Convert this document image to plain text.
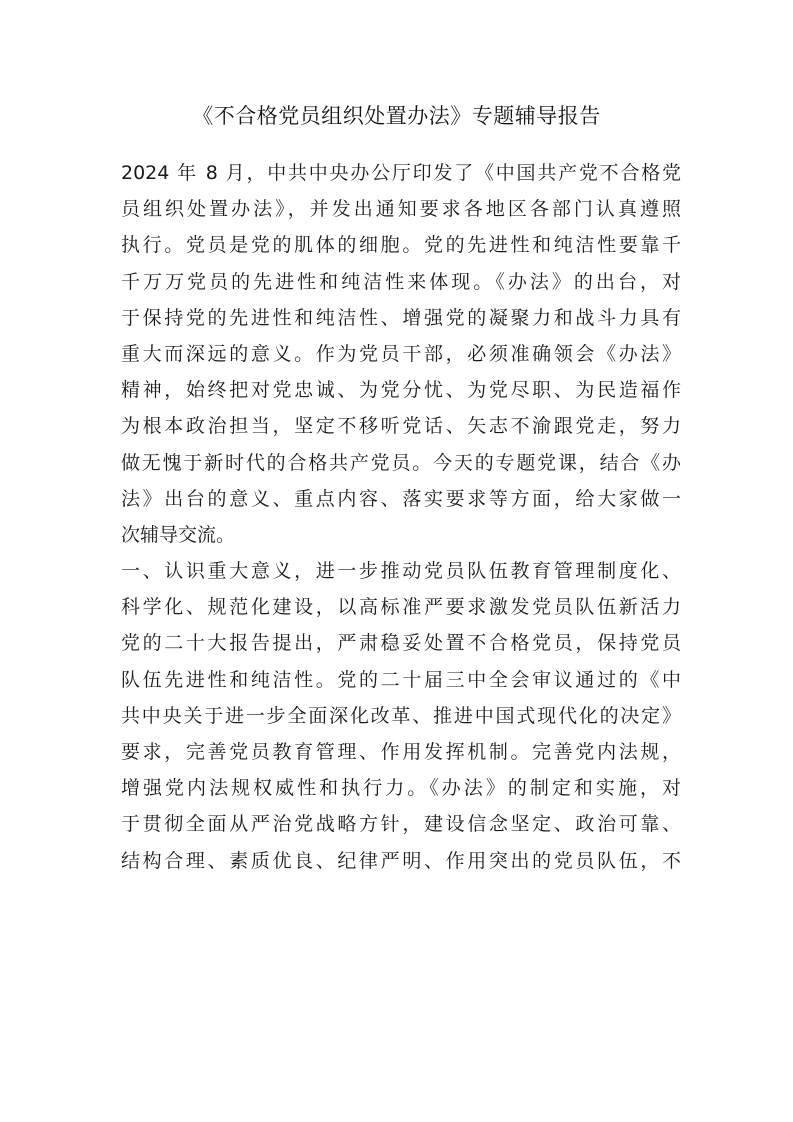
《不合格党员组织处置办法》专题辅导报告
2024 年 8 月，中共中央办公厅印发了《中国共产党不合格党
员组织处置办法》，并发出通知要求各地区各部门认真遵照
执行。党员是党的肌体的细胞。党的先进性和纯洁性要靠千
千万万党员的先进性和纯洁性来体现。《办法》的出台，对
于保持党的先进性和纯洁性、增强党的凝聚力和战斗力具有
重大而深远的意义。作为党员干部，必须准确领会《办法》
精神，始终把对党忠诚、为党分忧、为党尽职、为民造福作
为根本政治担当，坚定不移听党话、矢志不渝跟党走，努力
做无愧于新时代的合格共产党员。今天的专题党课，结合《办
法》出台的意义、重点内容、落实要求等方面，给大家做一
次辅导交流。
一、认识重大意义，进一步推动党员队伍教育管理制度化、
科学化、规范化建设，以高标准严要求激发党员队伍新活力
党的二十大报告提出，严肃稳妥处置不合格党员，保持党员
队伍先进性和纯洁性。党的二十届三中全会审议通过的《中
共中央关于进一步全面深化改革、推进中国式现代化的决定》
要求，完善党员教育管理、作用发挥机制。完善党内法规，
增强党内法规权威性和执行力。《办法》的制定和实施，对
于贯彻全面从严治党战略方针，建设信念坚定、政治可靠、
结构合理、素质优良、纪律严明、作用突出的党员队伍，不
